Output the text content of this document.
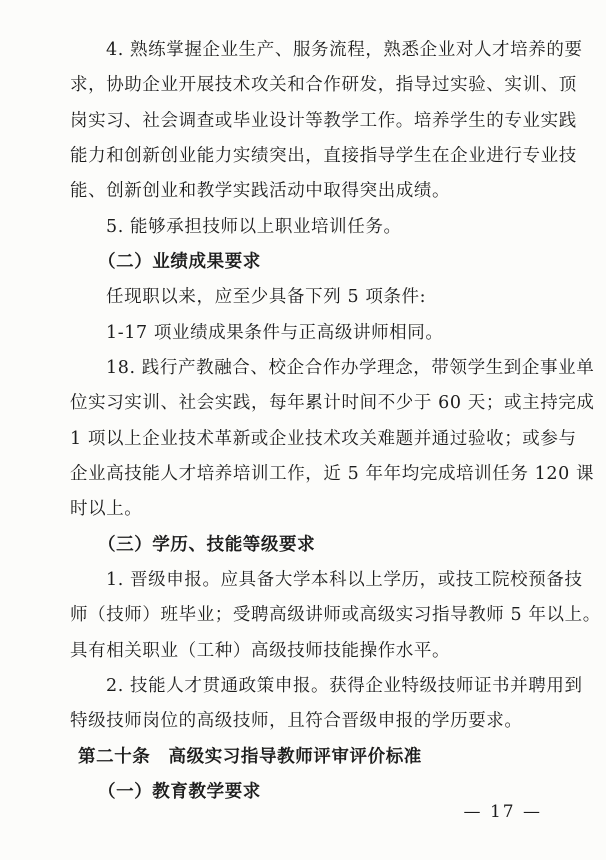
4. 熟练掌握企业生产、服务流程，熟悉企业对人才培养的要
求，协助企业开展技术攻关和合作研发，指导过实验、实训、顶
岗实习、社会调查或毕业设计等教学工作。培养学生的专业实践
能力和创新创业能力实绩突出，直接指导学生在企业进行专业技
能、创新创业和教学实践活动中取得突出成绩。
5. 能够承担技师以上职业培训任务。
（二）业绩成果要求
任现职以来，应至少具备下列 5 项条件:
1-17 项业绩成果条件与正高级讲师相同。
18. 践行产教融合、校企合作办学理念，带领学生到企事业单
位实习实训、社会实践，每年累计时间不少于 60 天；或主持完成
1 项以上企业技术革新或企业技术攻关难题并通过验收；或参与
企业高技能人才培养培训工作，近 5 年年均完成培训任务 120 课
时以上。
（三）学历、技能等级要求
1. 晋级申报。应具备大学本科以上学历，或技工院校预备技
师（技师）班毕业；受聘高级讲师或高级实习指导教师 5 年以上。
具有相关职业（工种）高级技师技能操作水平。
2. 技能人才贯通政策申报。获得企业特级技师证书并聘用到
特级技师岗位的高级技师，且符合晋级申报的学历要求。
第二十条　高级实习指导教师评审评价标准
（一）教育教学要求
— 17 —
